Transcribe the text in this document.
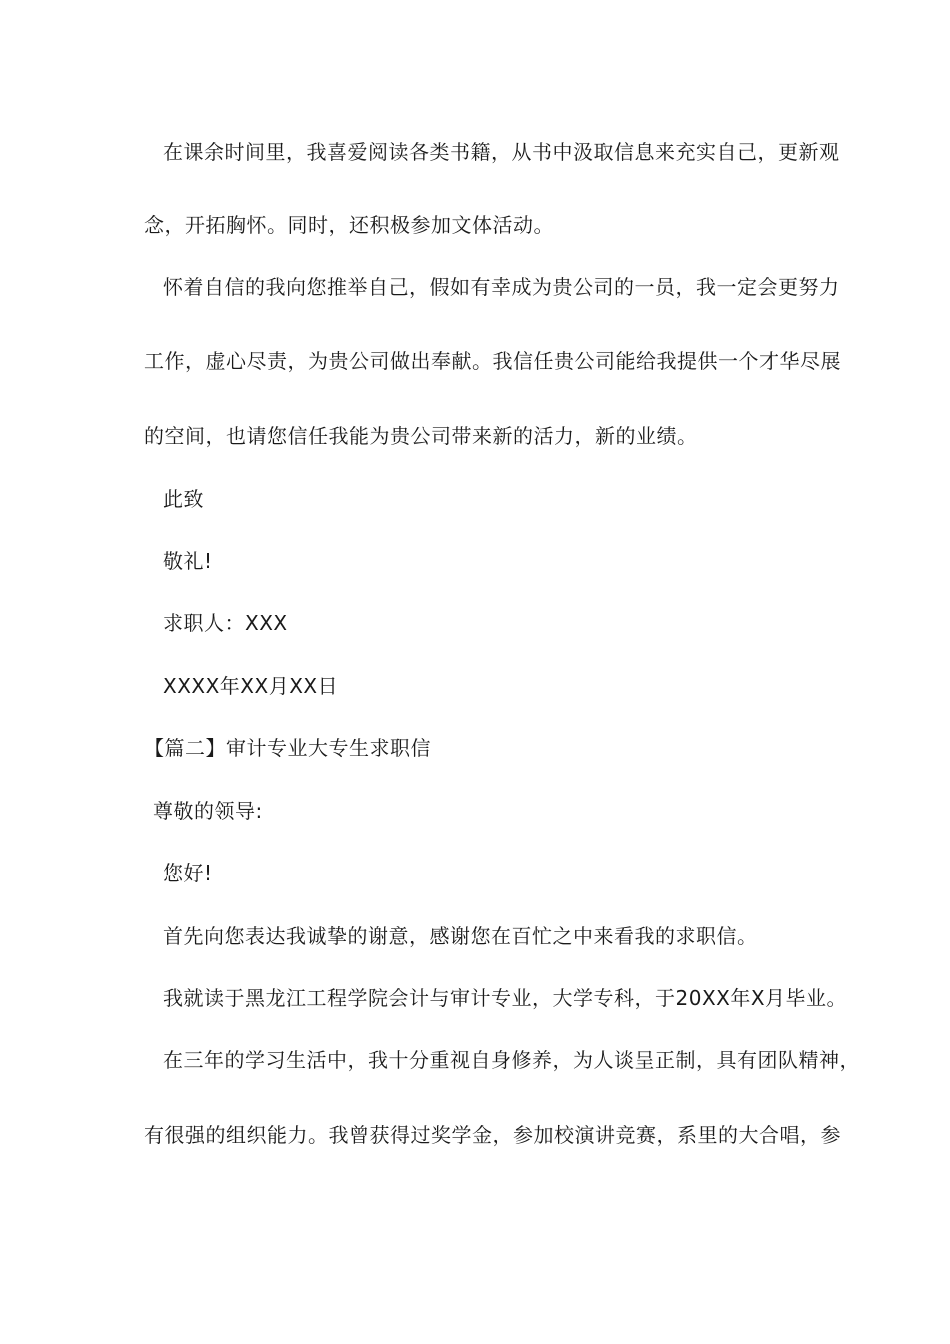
在课余时间里，我喜爱阅读各类书籍，从书中汲取信息来充实自己，更新观
念，开拓胸怀。同时，还积极参加文体活动。
怀着自信的我向您推举自己，假如有幸成为贵公司的一员，我一定会更努力
工作，虚心尽责，为贵公司做出奉献。我信任贵公司能给我提供一个才华尽展
的空间，也请您信任我能为贵公司带来新的活力，新的业绩。
此致
敬礼!
求职人：XXX
XXXX年XX月XX日
【篇二】审计专业大专生求职信
尊敬的领导:
您好!
首先向您表达我诚挚的谢意，感谢您在百忙之中来看我的求职信。
我就读于黑龙江工程学院会计与审计专业，大学专科，于20XX年X月毕业。
在三年的学习生活中，我十分重视自身修养，为人谈呈正制，具有团队精神，
有很强的组织能力。我曾获得过奖学金，参加校演讲竞赛，系里的大合唱，参
